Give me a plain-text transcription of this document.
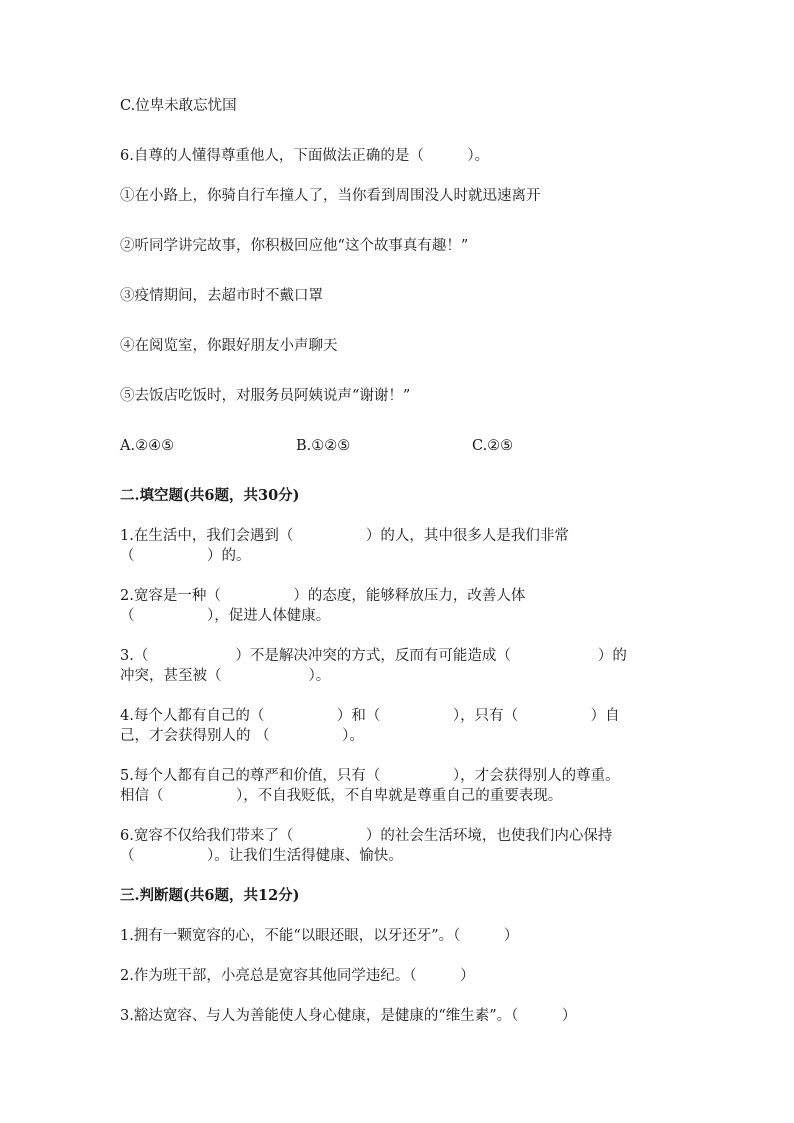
C.位卑未敢忘忧国

6.自尊的人懂得尊重他人，下面做法正确的是（　　　）。

①在小路上，你骑自行车撞人了，当你看到周围没人时就迅速离开

②听同学讲完故事，你积极回应他“这个故事真有趣！”

③疫情期间，去超市时不戴口罩

④在阅览室，你跟好朋友小声聊天

⑤去饭店吃饭时，对服务员阿姨说声“谢谢！”

A.②④⑤	B.①②⑤	C.②⑤

二.填空题(共6题，共30分)

1.在生活中，我们会遇到（　　　　　）的人，其中很多人是我们非常

（　　　　　）的。

2.宽容是一种（　　　　　）的态度，能够释放压力，改善人体

（　　　　　），促进人体健康。

3.（　　　　　　）不是解决冲突的方式，反而有可能造成（　　　　　　）的

冲突，甚至被（　　　　　　）。

4.每个人都有自己的（　　　　　）和（　　　　　），只有（　　　　　）自

己，才会获得别人的 （　　　　　）。

5.每个人都有自己的尊严和价值，只有（　　　　　），才会获得别人的尊重。

相信（　　　　　），不自我贬低，不自卑就是尊重自己的重要表现。

6.宽容不仅给我们带来了（　　　　　）的社会生活环境，也使我们内心保持

（　　　　　）。让我们生活得健康、愉快。

三.判断题(共6题，共12分)

1.拥有一颗宽容的心，不能“以眼还眼，以牙还牙”。（　　　）

2.作为班干部，小亮总是宽容其他同学违纪。（　　　）

3.豁达宽容、与人为善能使人身心健康，是健康的“维生素”。（　　　）
